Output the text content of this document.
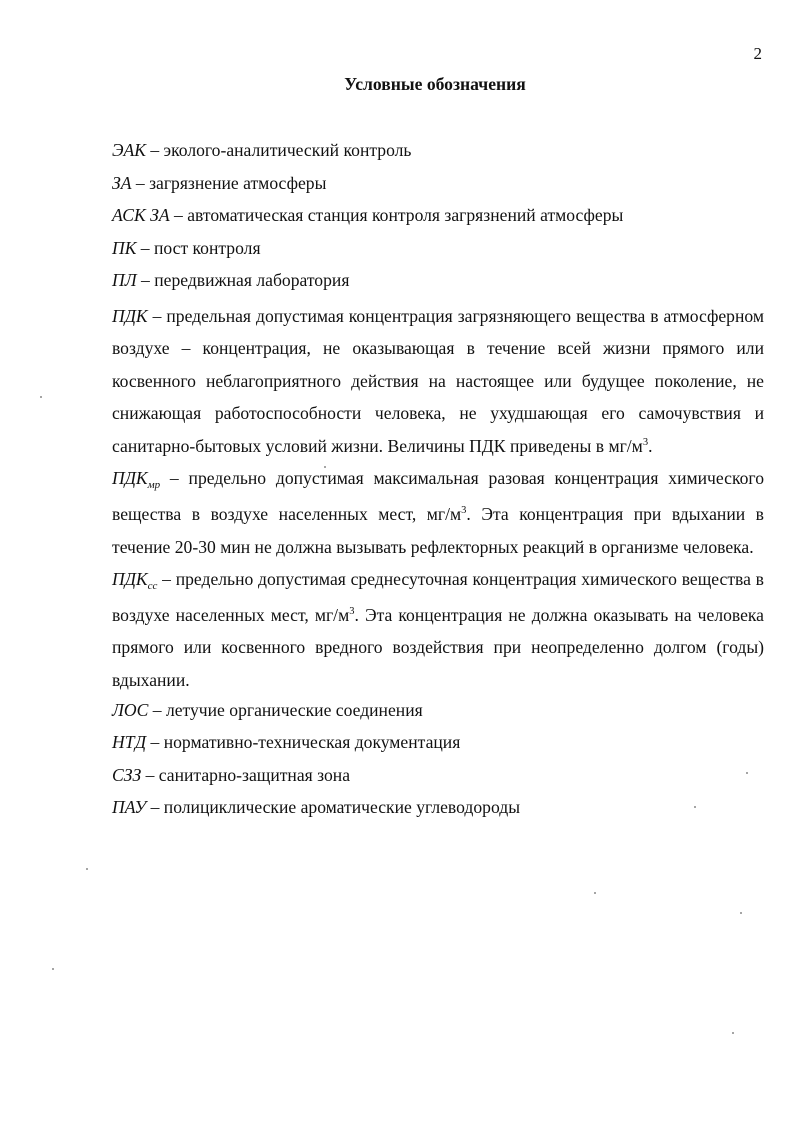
2
Условные обозначения
ЭАК – эколого-аналитический контроль
ЗА – загрязнение атмосферы
АСК ЗА – автоматическая станция контроля загрязнений атмосферы
ПК – пост контроля
ПЛ – передвижная лаборатория
ПДК – предельная допустимая концентрация загрязняющего вещества в атмосферном воздухе – концентрация, не оказывающая в течение всей жизни прямого или косвенного неблагоприятного действия на настоящее или будущее поколение, не снижающая работоспособности человека, не ухудшающая его самочувствия и санитарно-бытовых условий жизни. Величины ПДК приведены в $мг/м^3$.
$ПДК_{мр}$ – предельно допустимая максимальная разовая концентрация химического вещества в воздухе населенных мест, $мг/м^3$. Эта концентрация при вдыхании в течение 20-30 мин не должна вызывать рефлекторных реакций в организме человека.
$ПДК_{сс}$ – предельно допустимая среднесуточная концентрация химического вещества в воздухе населенных мест, $мг/м^3$. Эта концентрация не должна оказывать на человека прямого или косвенного вредного воздействия при неопределенно долгом (годы) вдыхании.
ЛОС – летучие органические соединения
НТД – нормативно-техническая документация
СЗЗ – санитарно-защитная зона
ПАУ – полициклические ароматические углеводороды
